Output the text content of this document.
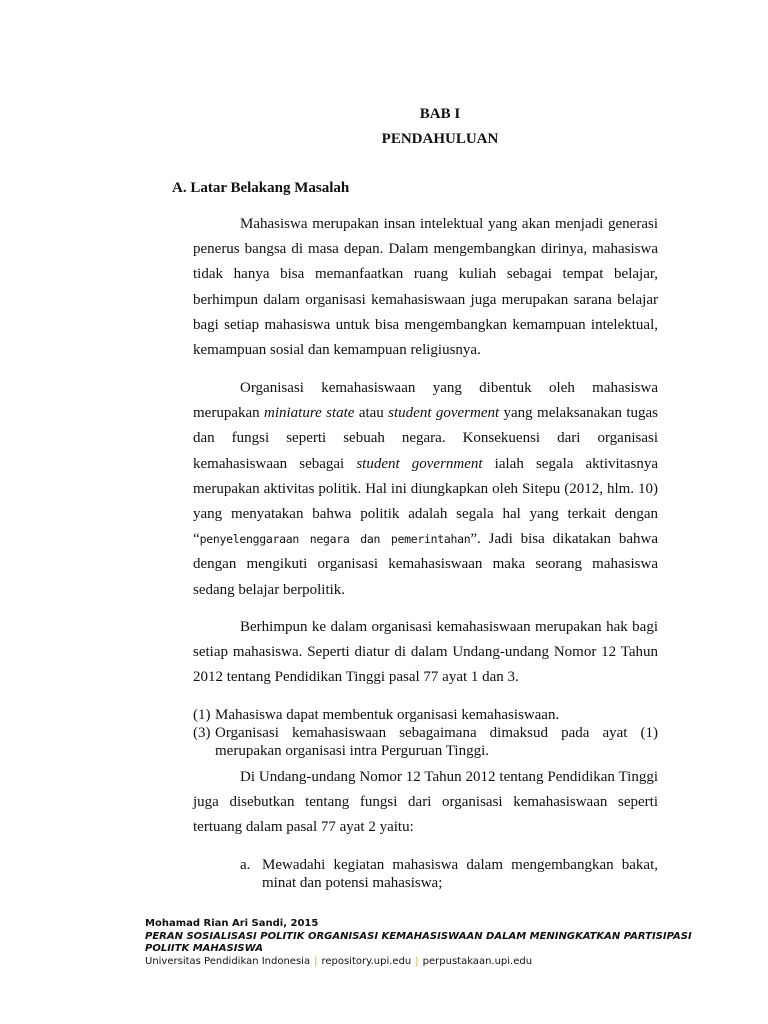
BAB I
PENDAHULUAN
A. Latar Belakang Masalah
Mahasiswa merupakan insan intelektual yang akan menjadi generasi penerus bangsa di masa depan. Dalam mengembangkan dirinya, mahasiswa tidak hanya bisa memanfaatkan ruang kuliah sebagai tempat belajar, berhimpun dalam organisasi kemahasiswaan juga merupakan sarana belajar bagi setiap mahasiswa untuk bisa mengembangkan kemampuan intelektual, kemampuan sosial dan kemampuan religiusnya.
Organisasi kemahasiswaan yang dibentuk oleh mahasiswa merupakan miniature state atau student goverment yang melaksanakan tugas dan fungsi seperti sebuah negara. Konsekuensi dari organisasi kemahasiswaan sebagai student government ialah segala aktivitasnya merupakan aktivitas politik. Hal ini diungkapkan oleh Sitepu (2012, hlm. 10) yang menyatakan bahwa politik adalah segala hal yang terkait dengan “penyelenggaraan negara dan pemerintahan”. Jadi bisa dikatakan bahwa dengan mengikuti organisasi kemahasiswaan maka seorang mahasiswa sedang belajar berpolitik.
Berhimpun ke dalam organisasi kemahasiswaan merupakan hak bagi setiap mahasiswa. Seperti diatur di dalam Undang-undang Nomor 12 Tahun 2012 tentang Pendidikan Tinggi pasal 77 ayat 1 dan 3.
(1) Mahasiswa dapat membentuk organisasi kemahasiswaan.
(3) Organisasi kemahasiswaan sebagaimana dimaksud pada ayat (1) merupakan organisasi intra Perguruan Tinggi.
Di Undang-undang Nomor 12 Tahun 2012 tentang Pendidikan Tinggi juga disebutkan tentang fungsi dari organisasi kemahasiswaan seperti tertuang dalam pasal 77 ayat 2 yaitu:
a. Mewadahi kegiatan mahasiswa dalam mengembangkan bakat, minat dan potensi mahasiswa;
Mohamad Rian Ari Sandi, 2015
PERAN SOSIALISASI POLITIK ORGANISASI KEMAHASISWAAN DALAM MENINGKATKAN PARTISIPASI POLIITK MAHASISWA
Universitas Pendidikan Indonesia | repository.upi.edu | perpustakaan.upi.edu
